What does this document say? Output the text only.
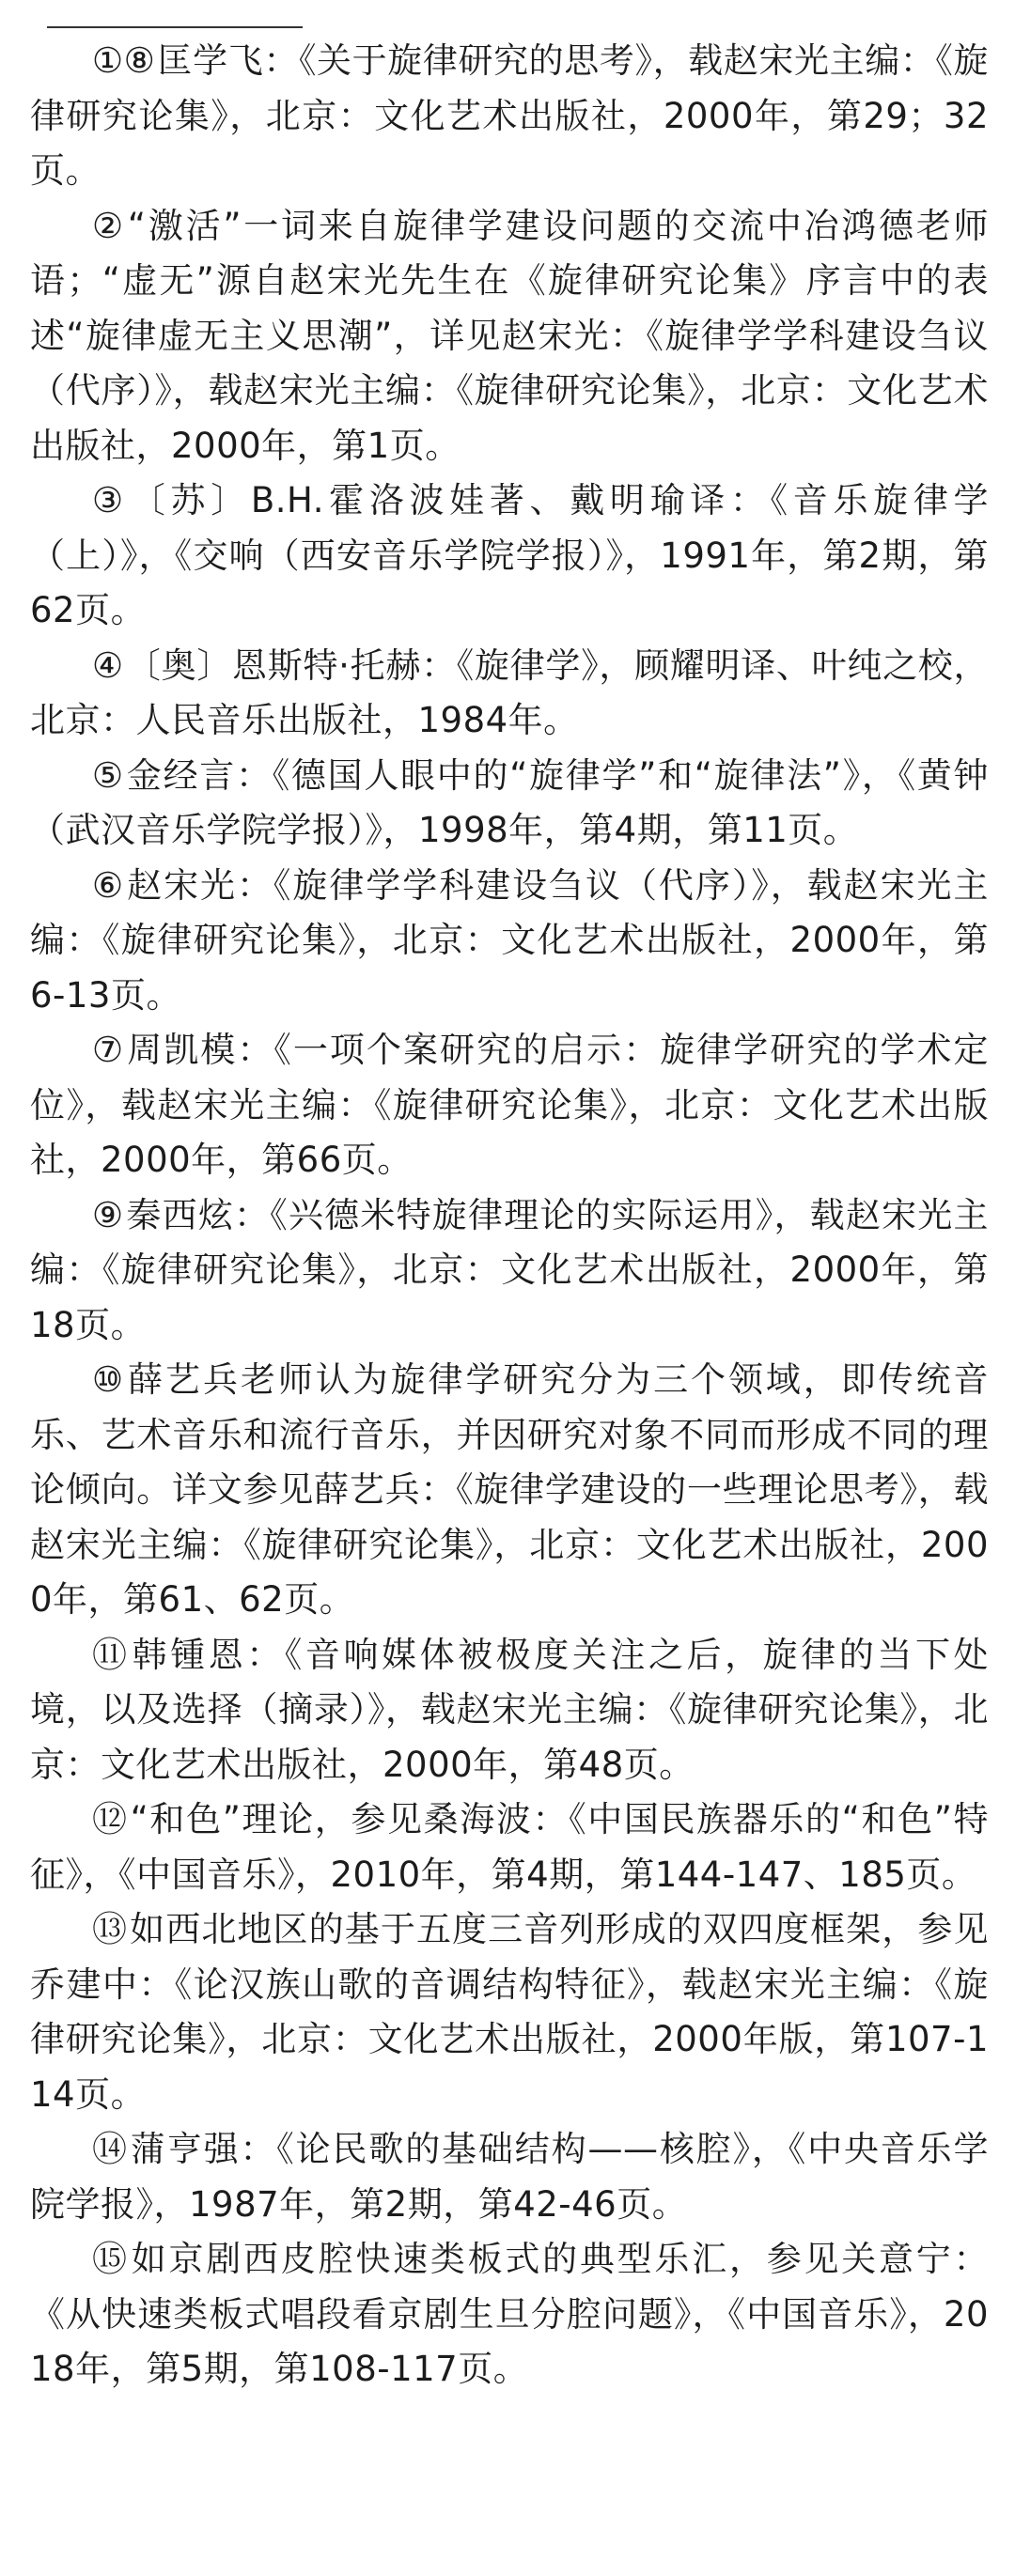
①⑧匡学飞：《关于旋律研究的思考》，载赵宋光主编：《旋律研究论集》，北京：文化艺术出版社，2000年，第29；32页。
②“激活”一词来自旋律学建设问题的交流中冶鸿德老师语；“虚无”源自赵宋光先生在《旋律研究论集》序言中的表述“旋律虚无主义思潮”，详见赵宋光：《旋律学学科建设刍议（代序）》，载赵宋光主编：《旋律研究论集》，北京：文化艺术出版社，2000年，第1页。
③〔苏〕B.H.霍洛波娃著、戴明瑜译：《音乐旋律学（上）》，《交响（西安音乐学院学报）》，1991年，第2期，第62页。
④〔奥〕恩斯特·托赫：《旋律学》，顾耀明译、叶纯之校，北京：人民音乐出版社，1984年。
⑤金经言：《德国人眼中的“旋律学”和“旋律法”》，《黄钟（武汉音乐学院学报）》，1998年，第4期，第11页。
⑥赵宋光：《旋律学学科建设刍议（代序）》，载赵宋光主编：《旋律研究论集》，北京：文化艺术出版社，2000年，第6-13页。
⑦周凯模：《一项个案研究的启示：旋律学研究的学术定位》，载赵宋光主编：《旋律研究论集》，北京：文化艺术出版社，2000年，第66页。
⑨秦西炫：《兴德米特旋律理论的实际运用》，载赵宋光主编：《旋律研究论集》，北京：文化艺术出版社，2000年，第18页。
⑩薛艺兵老师认为旋律学研究分为三个领域，即传统音乐、艺术音乐和流行音乐，并因研究对象不同而形成不同的理论倾向。详文参见薛艺兵：《旋律学建设的一些理论思考》，载赵宋光主编：《旋律研究论集》，北京：文化艺术出版社，2000年，第61、62页。
⑪韩锺恩：《音响媒体被极度关注之后，旋律的当下处境，以及选择（摘录）》，载赵宋光主编：《旋律研究论集》，北京：文化艺术出版社，2000年，第48页。
⑫“和色”理论，参见桑海波：《中国民族器乐的“和色”特征》，《中国音乐》，2010年，第4期，第144-147、185页。
⑬如西北地区的基于五度三音列形成的双四度框架，参见乔建中：《论汉族山歌的音调结构特征》，载赵宋光主编：《旋律研究论集》，北京：文化艺术出版社，2000年版，第107-114页。
⑭蒲亨强：《论民歌的基础结构——核腔》，《中央音乐学院学报》，1987年，第2期，第42-46页。
⑮如京剧西皮腔快速类板式的典型乐汇，参见关意宁：《从快速类板式唱段看京剧生旦分腔问题》，《中国音乐》，2018年，第5期，第108-117页。
